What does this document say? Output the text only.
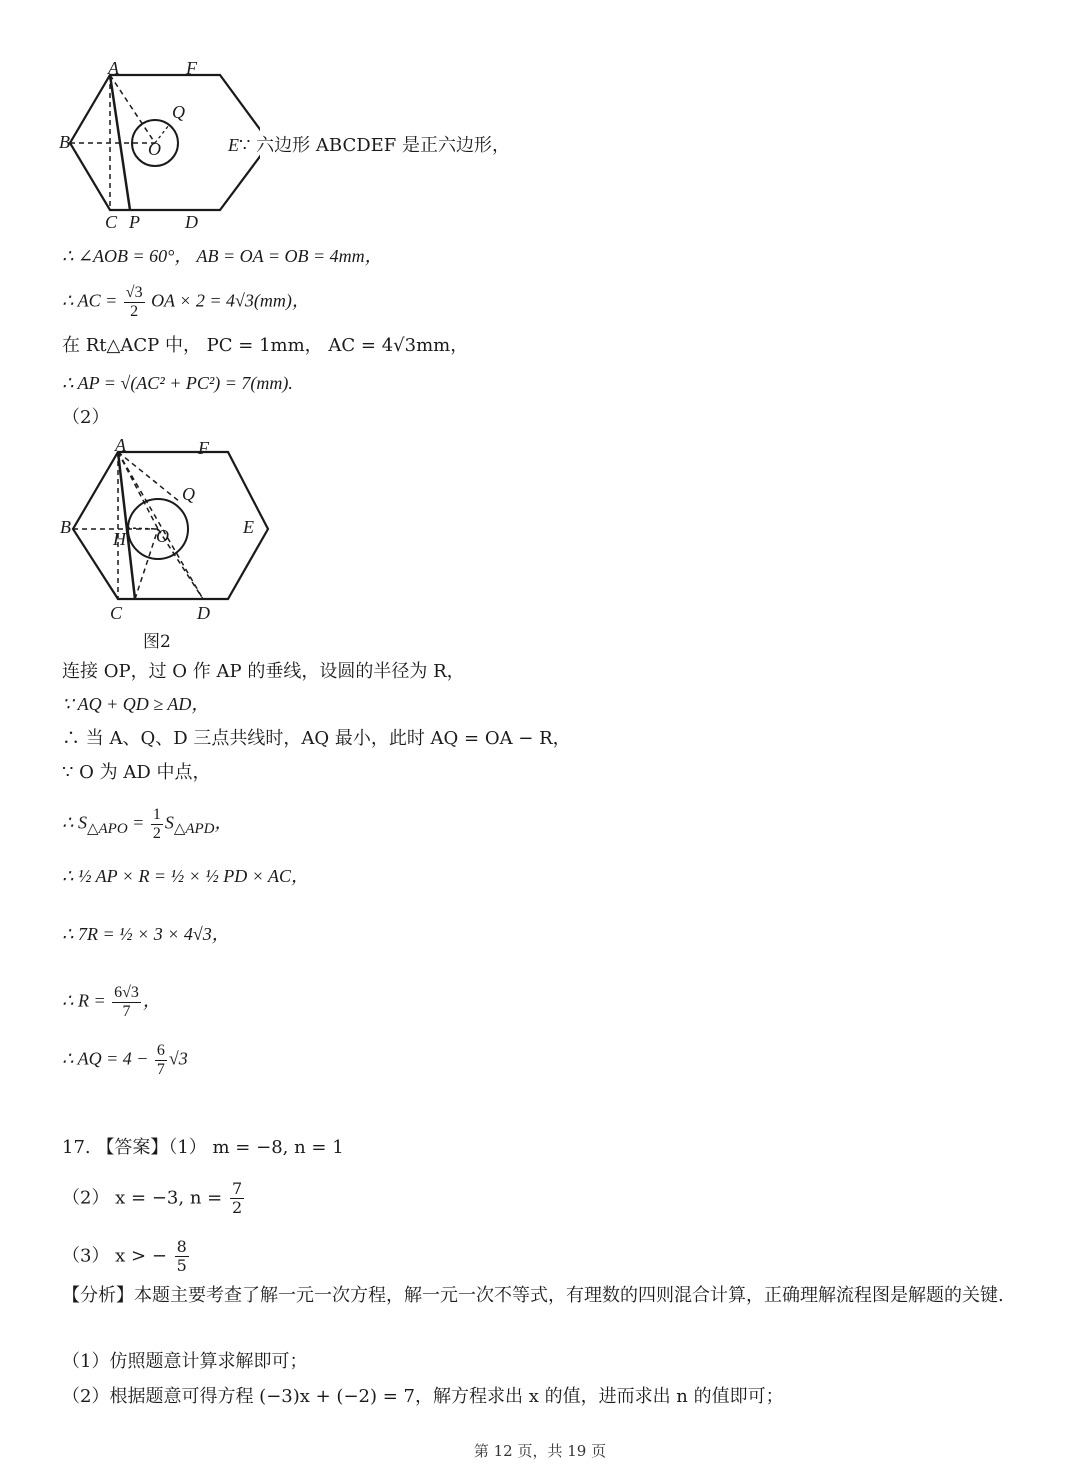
A	F
Q
B	O
C P	D
E∵ 六边形 ABCDEF 是正六边形，
∴ ∠AOB = 60°， AB = OA = OB = 4mm，
∴ AC = $\frac{√3}{2}$ OA × 2 = 4√3(mm)，
在 Rt△ACP 中， PC = 1mm， AC = 4√3mm，
∴ AP = √(AC² + PC²) = 7(mm).
（2）
A	F
Q
B	E
H O
C	D
图2
连接 OP，过 O 作 AP 的垂线，设圆的半径为 R，
∵ AQ + QD ≥ AD，
∴ 当 A、Q、D 三点共线时，AQ 最小，此时 AQ = OA − R，
∵ O 为 AD 中点，
∴ $S_{\triangle APO} = \frac{1}{2} S_{\triangle APD}$，
∴ ½ AP × R = ½ × ½ PD × AC，
∴ 7R = ½ × 3 × 4√3，
∴ $R = \frac{6√3}{7}$ ，
∴ AQ = $4 - \frac{6}{7} √3$
17. 【答案】（1） m = −8, n = 1
（2） x = −3, $n = \frac{7}{2}$
（3） x > − $\frac{8}{5}$
【分析】本题主要考查了解一元一次方程，解一元一次不等式，有理数的四则混合计算，正确理解流程图是解题的关键.
（1）仿照题意计算求解即可；
（2）根据题意可得方程 (−3)x + (−2) = 7，解方程求出 x 的值，进而求出 n 的值即可；
第 12 页，共 19 页
